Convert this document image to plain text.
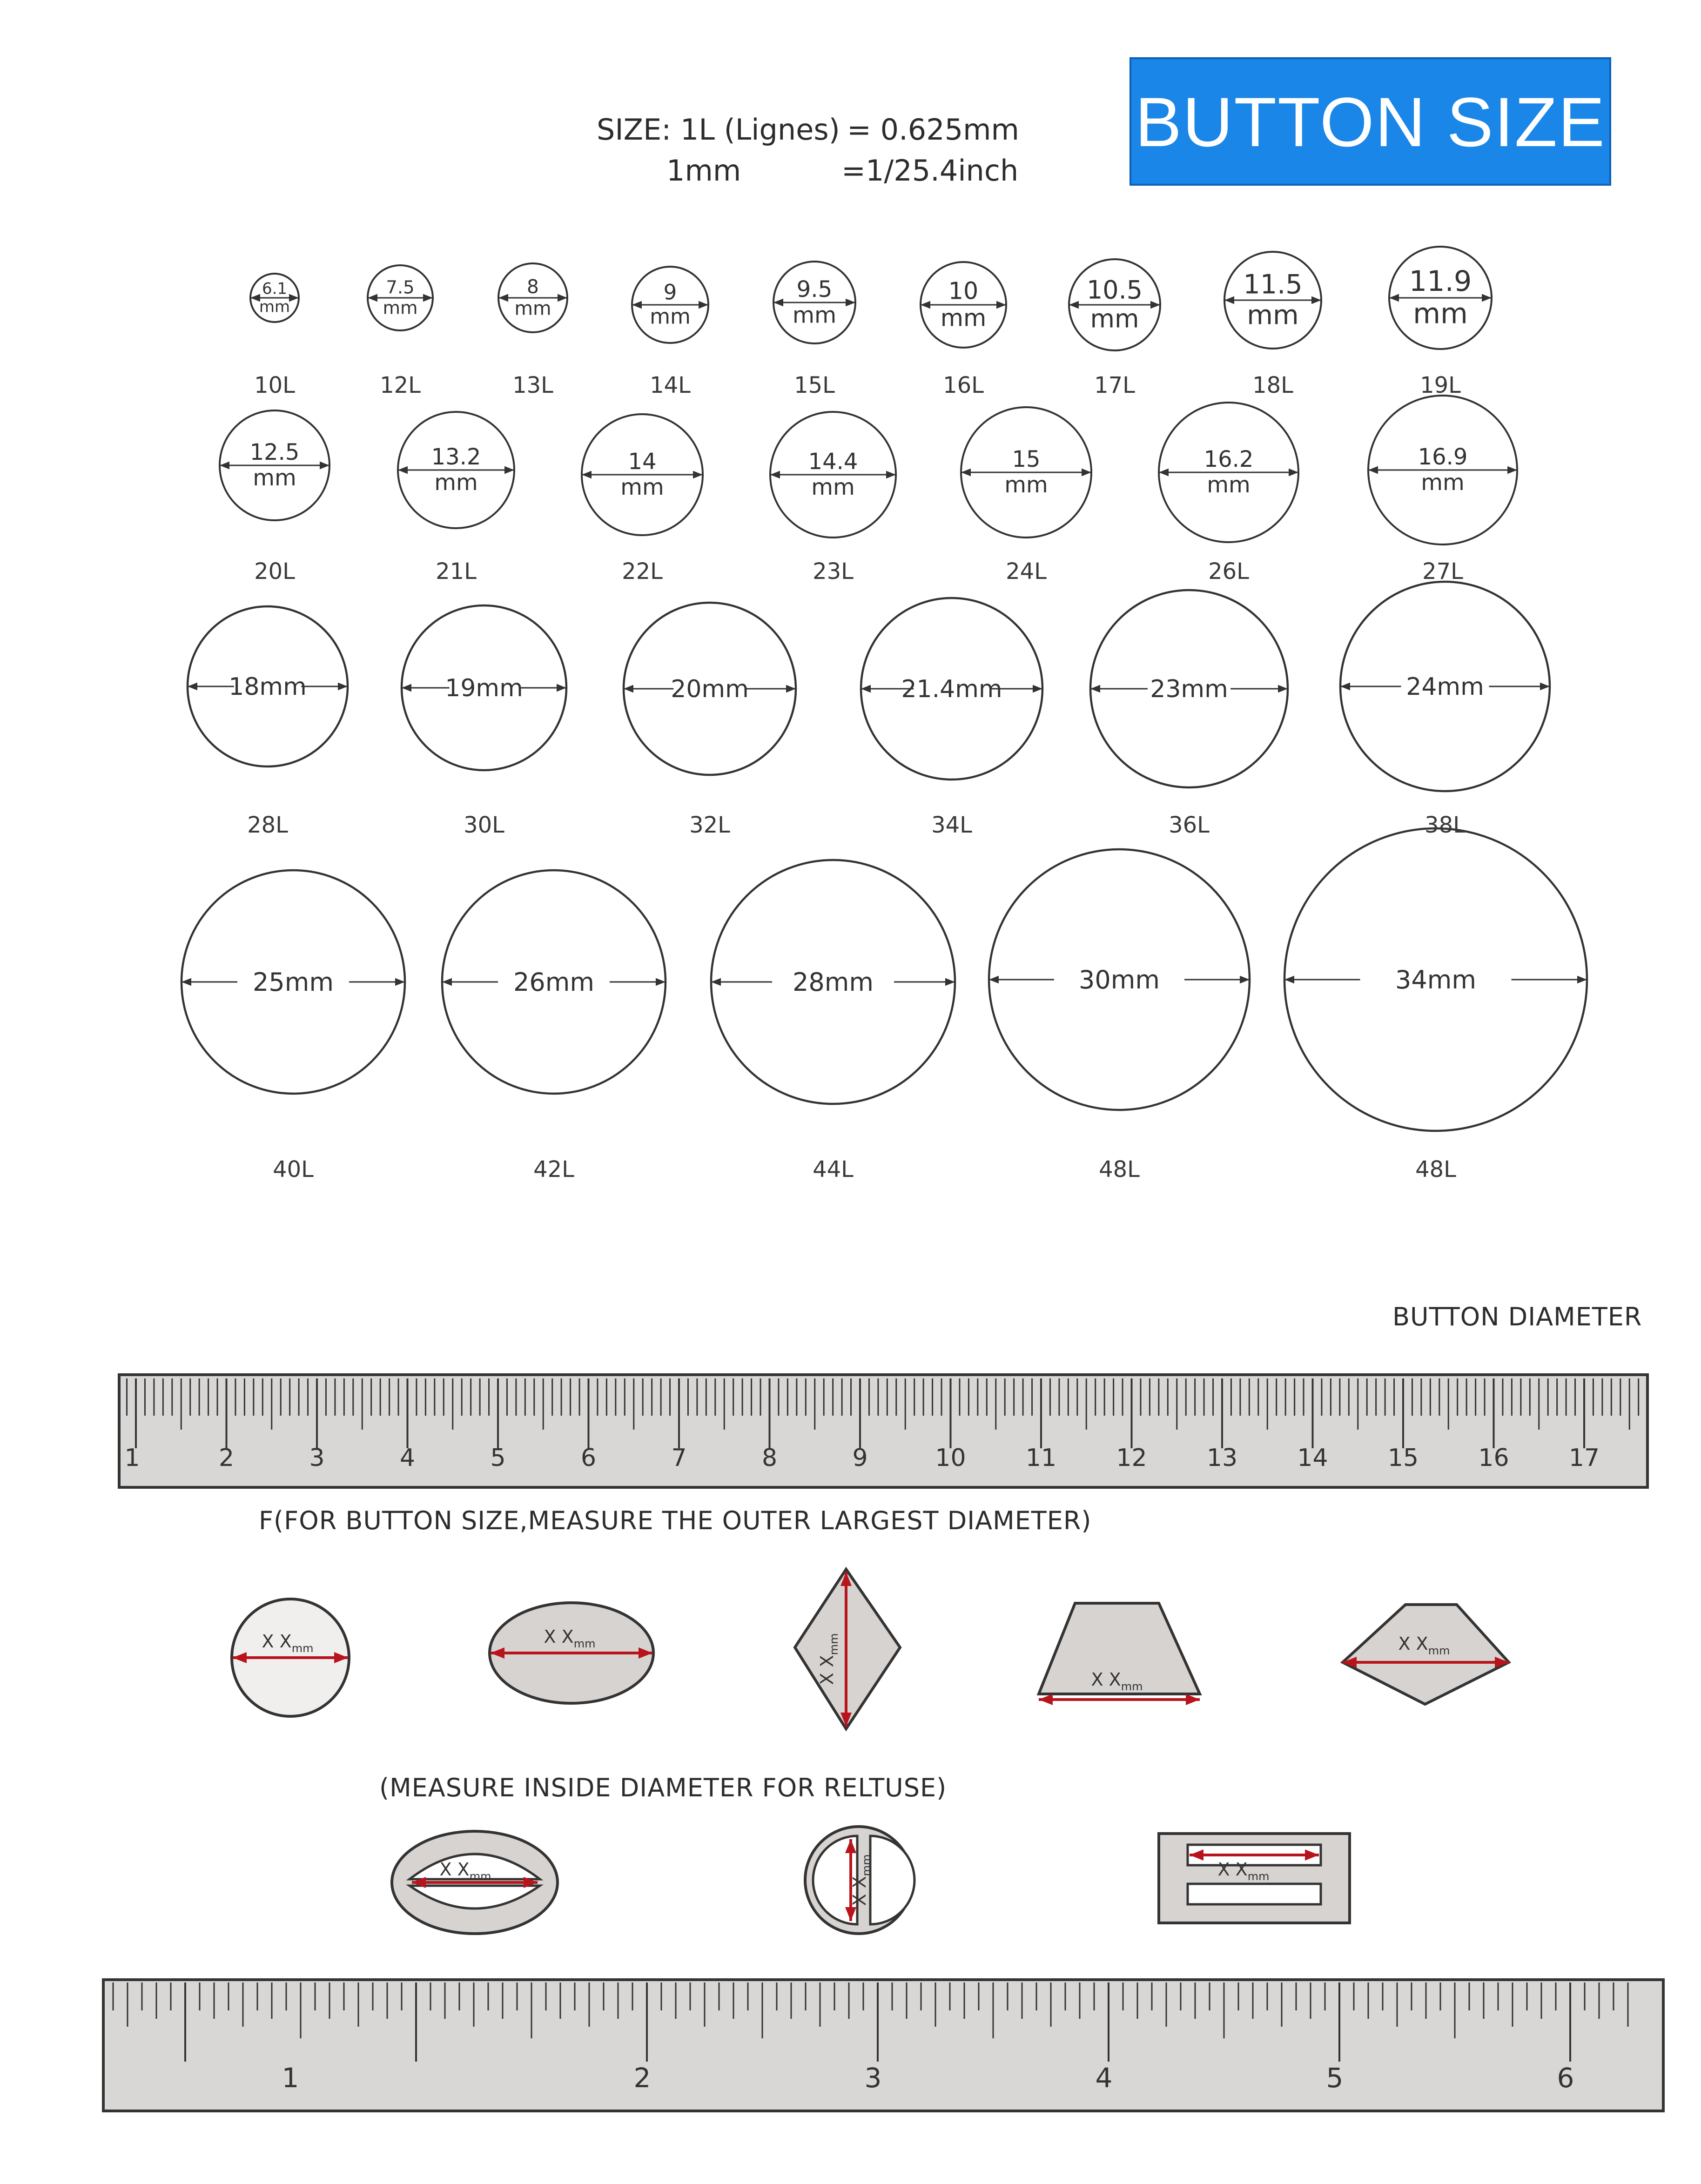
BUTTON SIZE
SIZE: 1L (Lignes) = 0.625mm
1mm	=1/25.4inch
6.1
mm
7.5
mm
8
mm
9
mm
9.5
mm
10
mm
10.5
mm
11.5
mm
11.9
mm
12.5
mm
13.2
mm
14
mm
14.4
mm
15
mm
16.2
mm
16.9
mm
18mm	19mm	20mm	21.4mm	23mm	24mm
25mm	26mm	28mm	30mm	34mm
10L	12L	13L	14L	15L	16L	17L	18L	19L
20L	21L	22L	23L	24L	26L	27L
28L	30L	32L	34L	36L	38L
40L	42L	44L	48L	48L
BUTTON DIAMETER
1	2	3	4	5	6	7	8	9	10 11 12 13 14 15 16 17
F(FOR BUTTON SIZE,MEASURE THE OUTER LARGEST DIAMETER)
X $X_{mm}$
X $X_{mm}$
X $X_{mm}$
X $X_{mm}$
X $X_{mm}$
X $X_{mm}$	X $X_{mm}$	X $X_{mm}$
(MEASURE INSIDE DIAMETER FOR RELTUSE)
1	2	3	4	5	6
